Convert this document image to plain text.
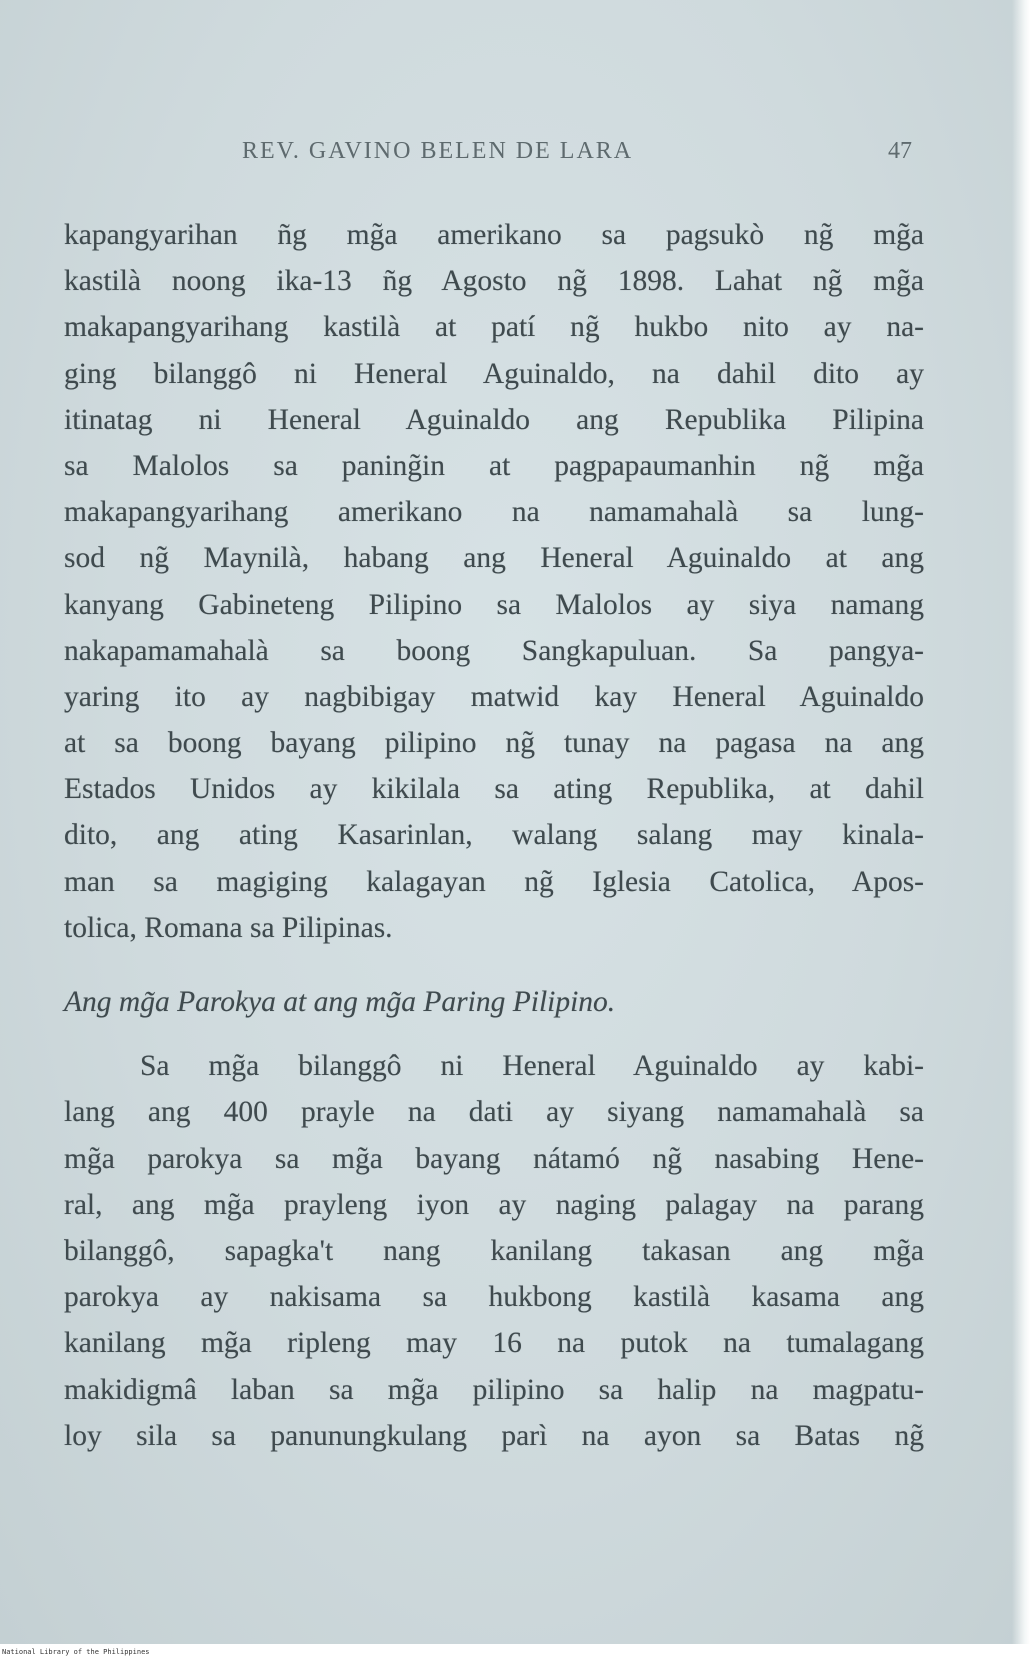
REV. GAVINO BELEN DE LARA	47
kapangyarihan ñg mg̃a amerikano sa pagsukò ng̃ mg̃a
kastilà noong ika-13 ñg Agosto ng̃ 1898. Lahat ng̃ mg̃a
makapangyarihang kastilà at patí ng̃ hukbo nito ay na-
ging bilanggô ni Heneral Aguinaldo, na dahil dito ay
itinatag ni Heneral Aguinaldo ang Republika Pilipina
sa Malolos sa paning̃in at pagpapaumanhin ng̃ mg̃a
makapangyarihang amerikano na namamahalà sa lung-
sod ng̃ Maynilà, habang ang Heneral Aguinaldo at ang
kanyang Gabineteng Pilipino sa Malolos ay siya namang
nakapamamahalà sa boong Sangkapuluan. Sa pangya-
yaring ito ay nagbibigay matwid kay Heneral Aguinaldo
at sa boong bayang pilipino ng̃ tunay na pagasa na ang
Estados Unidos ay kikilala sa ating Republika, at dahil
dito, ang ating Kasarinlan, walang salang may kinala-
man sa magiging kalagayan ng̃ Iglesia Catolica, Apos-
tolica, Romana sa Pilipinas.
Ang mg̃a Parokya at ang mg̃a Paring Pilipino.
Sa mg̃a bilanggô ni Heneral Aguinaldo ay kabi-
lang ang 400 prayle na dati ay siyang namamahalà sa
mg̃a parokya sa mg̃a bayang nátamó ng̃ nasabing Hene-
ral, ang mg̃a prayleng iyon ay naging palagay na parang
bilanggô, sapagka't nang kanilang takasan ang mg̃a
parokya ay nakisama sa hukbong kastilà kasama ang
kanilang mg̃a ripleng may 16 na putok na tumalagang
makidigmâ laban sa mg̃a pilipino sa halip na magpatu-
loy sila sa panunungkulang parì na ayon sa Batas ng̃
National Library of the Philippines
